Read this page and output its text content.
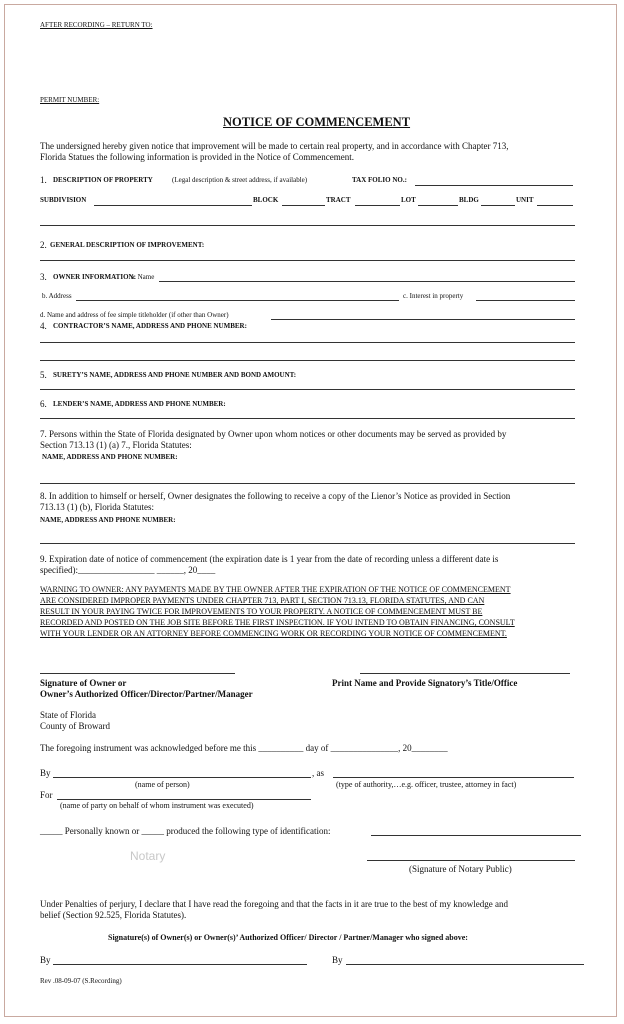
AFTER RECORDING – RETURN TO:
PERMIT NUMBER:
NOTICE OF COMMENCEMENT
The undersigned hereby given notice that improvement will be made to certain real property, and in accordance with Chapter 713,
Florida Statues the following information is provided in the Notice of Commencement.
1. DESCRIPTION OF PROPERTY	(Legal description & street address, if available)	TAX FOLIO NO.:
SUBDIVISION	BLOCK	TRACT	LOT	BLDG	UNIT
2. GENERAL DESCRIPTION OF IMPROVEMENT:
3. OWNER INFORMATION:
a. Name
b. Address	c. Interest in property
d. Name and address of fee simple titleholder (if other than Owner)
4. CONTRACTOR’S NAME, ADDRESS AND PHONE NUMBER:
5. SURETY’S NAME, ADDRESS AND PHONE NUMBER AND BOND AMOUNT:
6. LENDER’S NAME, ADDRESS AND PHONE NUMBER:
7. Persons within the State of Florida designated by Owner upon whom notices or other documents may be served as provided by
Section 713.13 (1) (a) 7., Florida Statutes:
NAME, ADDRESS AND PHONE NUMBER:
8. In addition to himself or herself, Owner designates the following to receive a copy of the Lienor’s Notice as provided in Section
713.13 (1) (b), Florida Statutes:
NAME, ADDRESS AND PHONE NUMBER:
9. Expiration date of notice of commencement (the expiration date is 1 year from the date of recording unless a different date is
specified):_________________ ______, 20____
WARNING TO OWNER: ANY PAYMENTS MADE BY THE OWNER AFTER THE EXPIRATION OF THE NOTICE OF COMMENCEMENT
ARE CONSIDERED IMPROPER PAYMENTS UNDER CHAPTER 713, PART I, SECTION 713.13, FLORIDA STATUTES, AND CAN
RESULT IN YOUR PAYING TWICE FOR IMPROVEMENTS TO YOUR PROPERTY. A NOTICE OF COMMENCEMENT MUST BE
RECORDED AND POSTED ON THE JOB SITE BEFORE THE FIRST INSPECTION. IF YOU INTEND TO OBTAIN FINANCING, CONSULT
WITH YOUR LENDER OR AN ATTORNEY BEFORE COMMENCING WORK OR RECORDING YOUR NOTICE OF COMMENCEMENT.
Signature of Owner or
Owner’s Authorized Officer/Director/Partner/Manager
Print Name and Provide Signatory’s Title/Office
State of Florida
County of Broward
The foregoing instrument was acknowledged before me this __________ day of _______________, 20________
By	, as
(name of person)	(type of authority,…e.g. officer, trustee, attorney in fact)
For
(name of party on behalf of whom instrument was executed)
_____ Personally known or _____ produced the following type of identification:
Notary
(Signature of Notary Public)
Under Penalties of perjury, I declare that I have read the foregoing and that the facts in it are true to the best of my knowledge and
belief (Section 92.525, Florida Statutes).
Signature(s) of Owner(s) or Owner(s)’ Authorized Officer/ Director / Partner/Manager who signed above:
By	By
Rev .08-09-07 (S.Recording)
